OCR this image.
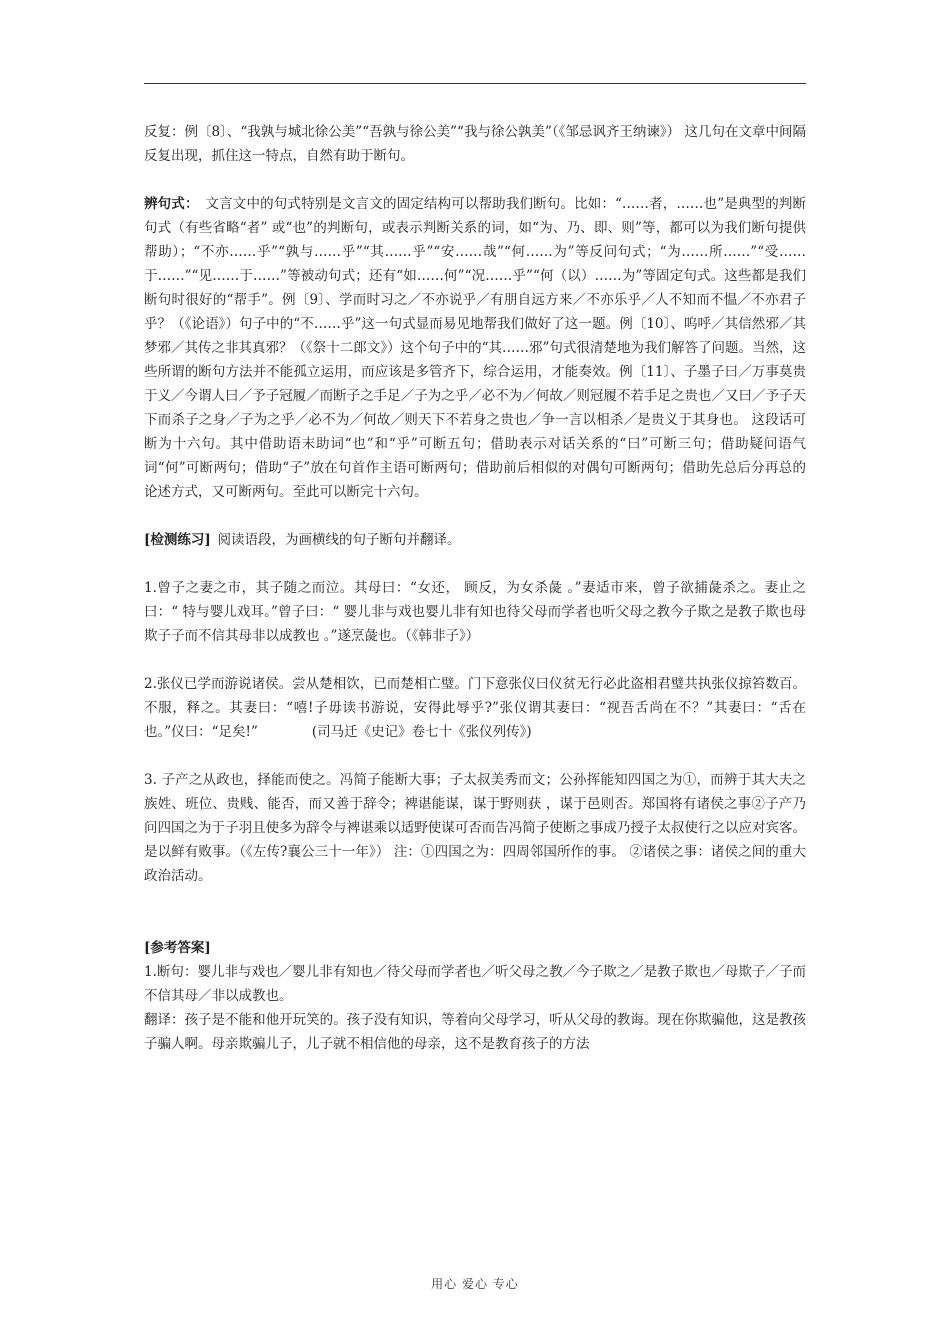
反复：例〔8〕、“我孰与城北徐公美”“吾孰与徐公美”“我与徐公孰美”（《邹忌讽齐王纳谏》） 这几句在文章中间隔反复出现，抓住这一特点，自然有助于断句。

辨句式：  文言文中的句式特别是文言文的固定结构可以帮助我们断句。比如：“……者，……也”是典型的判断句式（有些省略“者” 或“也”的判断句，或表示判断关系的词，如“为、乃、即、则”等，都可以为我们断句提供帮助）；“不亦……乎”“孰与……乎”“其……乎”“安……哉”“何……为”等反问句式；“为……所……”“受……于……”“见……于……”等被动句式；还有“如……何”“况……乎”“何（以）……为”等固定句式。这些都是我们断句时很好的“帮手”。例〔9〕、学而时习之／不亦说乎／有朋自远方来／不亦乐乎／人不知而不愠／不亦君子乎？（《论语》）句子中的“不……乎”这一句式显而易见地帮我们做好了这一题。例〔10〕、呜呼／其信然邪／其梦邪／其传之非其真邪？（《祭十二郎文》）这个句子中的“其……邪”句式很清楚地为我们解答了问题。当然，这些所谓的断句方法并不能孤立运用，而应该是多管齐下，综合运用，才能奏效。例〔11〕、子墨子曰／万事莫贵于义／今谓人曰／予子冠履／而断子之手足／子为之乎／必不为／何故／则冠履不若手足之贵也／又曰／予子天下而杀子之身／子为之乎／必不为／何故／则天下不若身之贵也／争一言以相杀／是贵义于其身也。 这段话可断为十六句。其中借助语末助词“也”和“乎”可断五句；借助表示对话关系的“曰”可断三句；借助疑问语气词“何”可断两句；借助“子”放在句首作主语可断两句；借助前后相似的对偶句可断两句；借助先总后分再总的论述方式，又可断两句。至此可以断完十六句。

[检测练习]  阅读语段，为画横线的句子断句并翻译。

1.曾子之妻之市，其子随之而泣。其母曰：“女还， 顾反，为女杀彘 。”妻适市来，曾子欲捕彘杀之。妻止之曰：“ 特与婴儿戏耳。”曾子曰：“ 婴儿非与戏也婴儿非有知也待父母而学者也听父母之教今子欺之是教子欺也母欺子子而不信其母非以成教也 。”遂烹彘也。（《韩非子》）

2.张仪已学而游说诸侯。尝从楚相饮，已而楚相亡璧。门下意张仪曰仪贫无行必此盗相君璧共执张仪掠笞数百。不服，释之。其妻曰：“嘻!子毋读书游说，安得此辱乎?”张仪谓其妻曰：“视吾舌尚在不？”其妻曰：“舌在也。”仪曰：“足矣!”　　　　(司马迁《史记》卷七十《张仪列传》)

3. 子产之从政也，择能而使之。冯简子能断大事；子太叔美秀而文；公孙挥能知四国之为①，而辨于其大夫之族姓、班位、贵贱、能否，而又善于辞令；裨谌能谋，谋于野则获 ，谋于邑则否。郑国将有诸侯之事②子产乃问四国之为于子羽且使多为辞令与裨谌乘以适野使谋可否而告冯简子使断之事成乃授子太叔使行之以应对宾客。 是以鲜有败事。（《左传?襄公三十一年》） 注：①四国之为：四周邻国所作的事。 ②诸侯之事：诸侯之间的重大政治活动。

[参考答案]

1.断句：婴儿非与戏也／婴儿非有知也／待父母而学者也／听父母之教／今子欺之／是教子欺也／母欺子／子而不信其母／非以成教也。

翻译：孩子是不能和他开玩笑的。孩子没有知识，等着向父母学习，听从父母的教诲。现在你欺骗他，这是教孩子骗人啊。母亲欺骗儿子，儿子就不相信他的母亲，这不是教育孩子的方法

用心 爱心 专心
